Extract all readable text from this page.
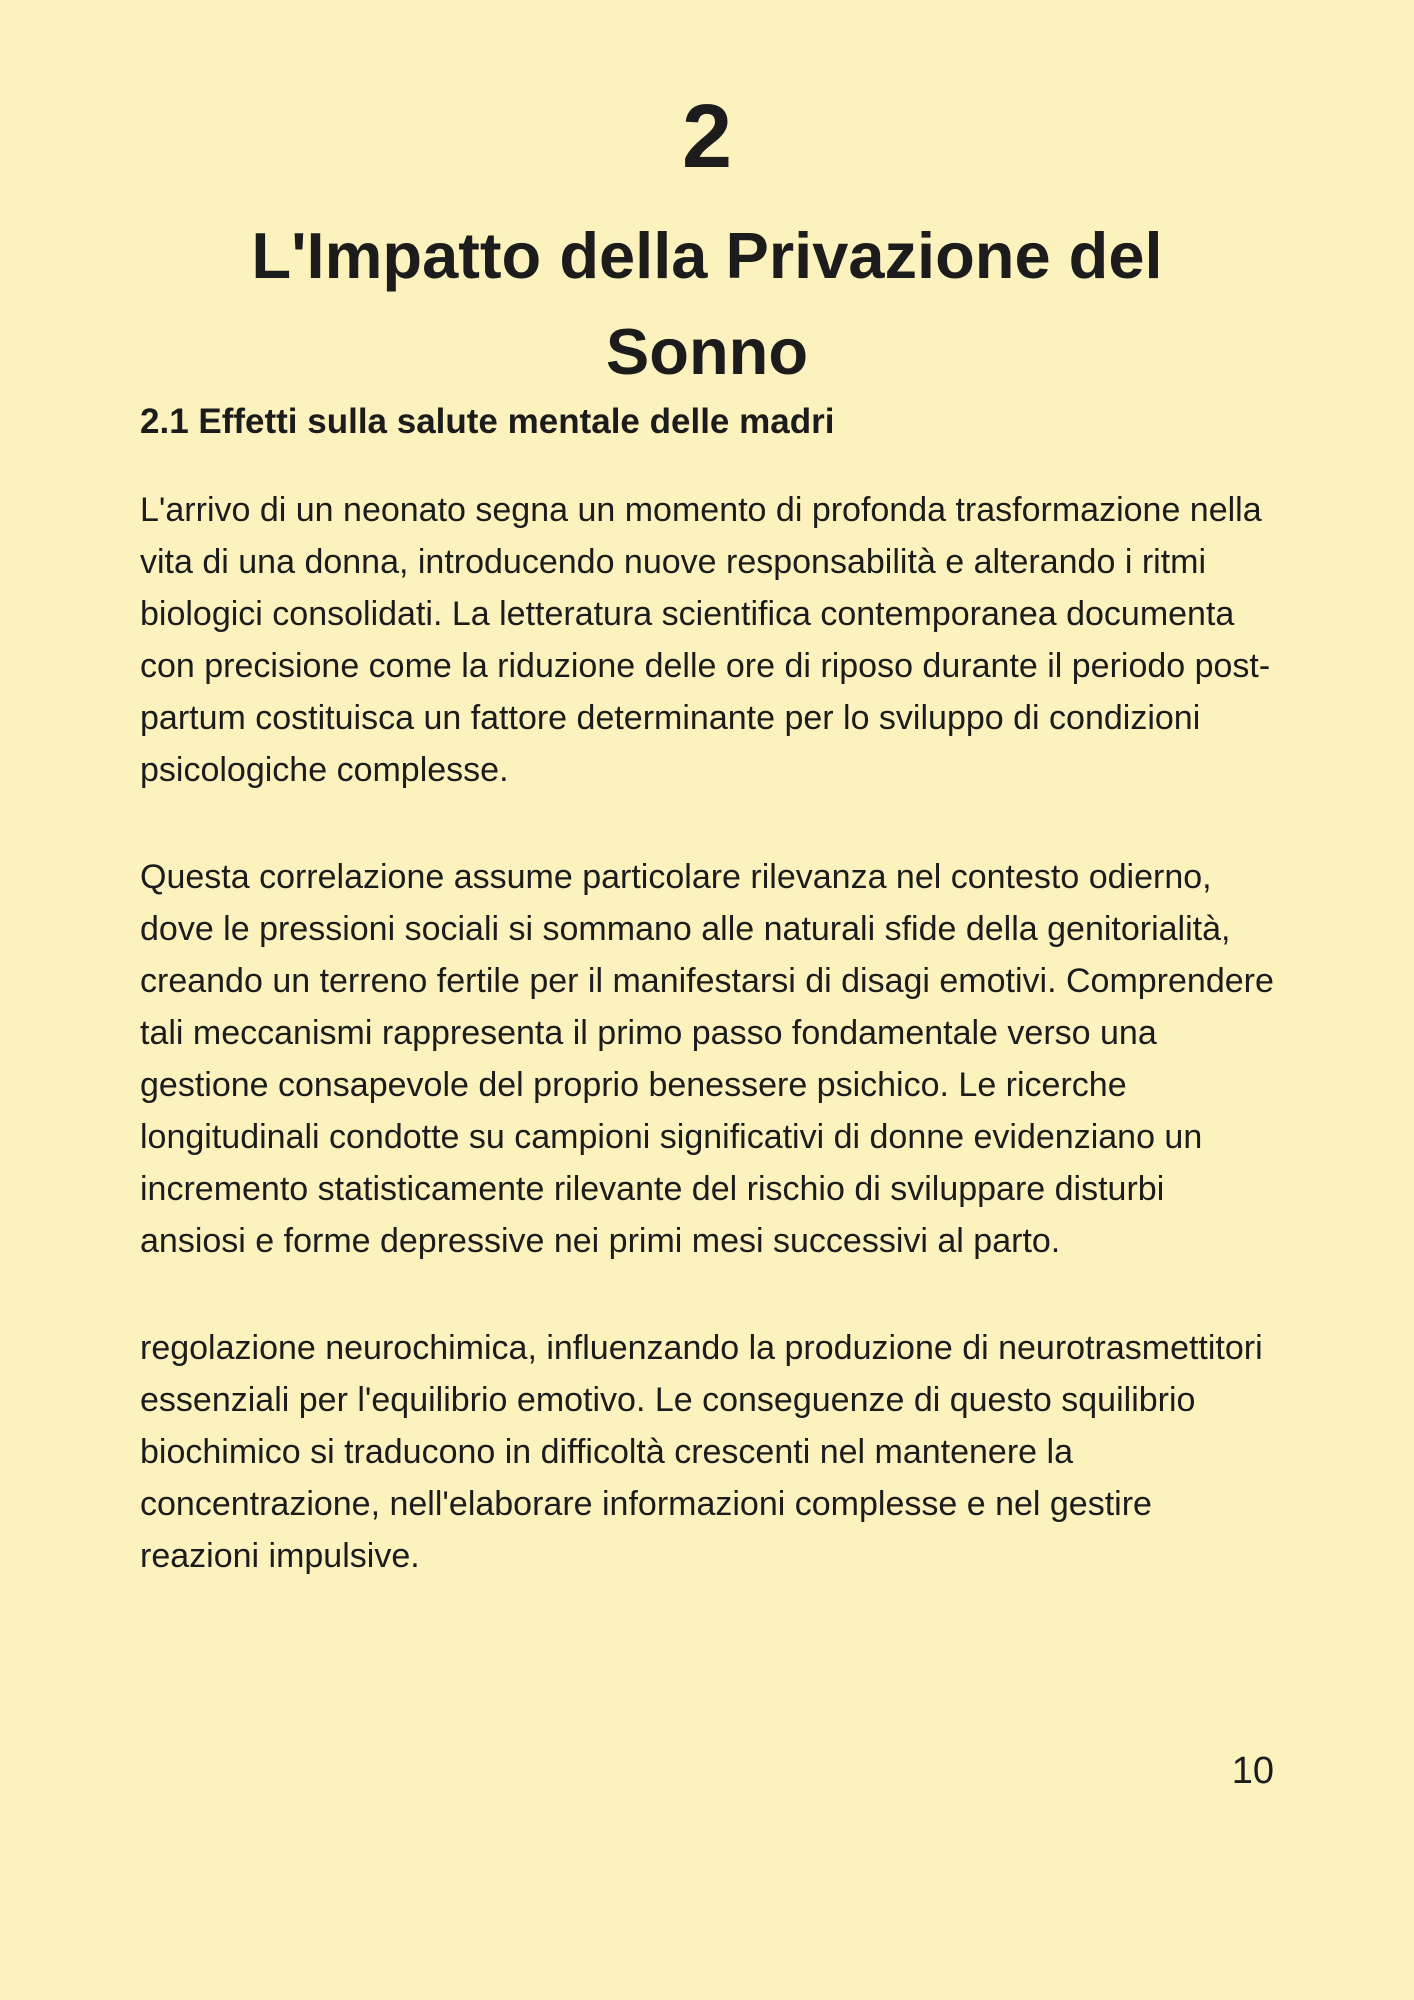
2
L'Impatto della Privazione del
Sonno
2.1 Effetti sulla salute mentale delle madri

L'arrivo di un neonato segna un momento di profonda trasformazione nella vita di una donna, introducendo nuove responsabilità e alterando i ritmi biologici consolidati. La letteratura scientifica contemporanea documenta con precisione come la riduzione delle ore di riposo durante il periodo post-partum costituisca un fattore determinante per lo sviluppo di condizioni psicologiche complesse.

Questa correlazione assume particolare rilevanza nel contesto odierno, dove le pressioni sociali si sommano alle naturali sfide della genitorialità, creando un terreno fertile per il manifestarsi di disagi emotivi. Comprendere tali meccanismi rappresenta il primo passo fondamentale verso una gestione consapevole del proprio benessere psichico. Le ricerche longitudinali condotte su campioni significativi di donne evidenziano un incremento statisticamente rilevante del rischio di sviluppare disturbi ansiosi e forme depressive nei primi mesi successivi al parto.

regolazione neurochimica, influenzando la produzione di neurotrasmettitori essenziali per l'equilibrio emotivo. Le conseguenze di questo squilibrio biochimico si traducono in difficoltà crescenti nel mantenere la concentrazione, nell'elaborare informazioni complesse e nel gestire reazioni impulsive.

10
